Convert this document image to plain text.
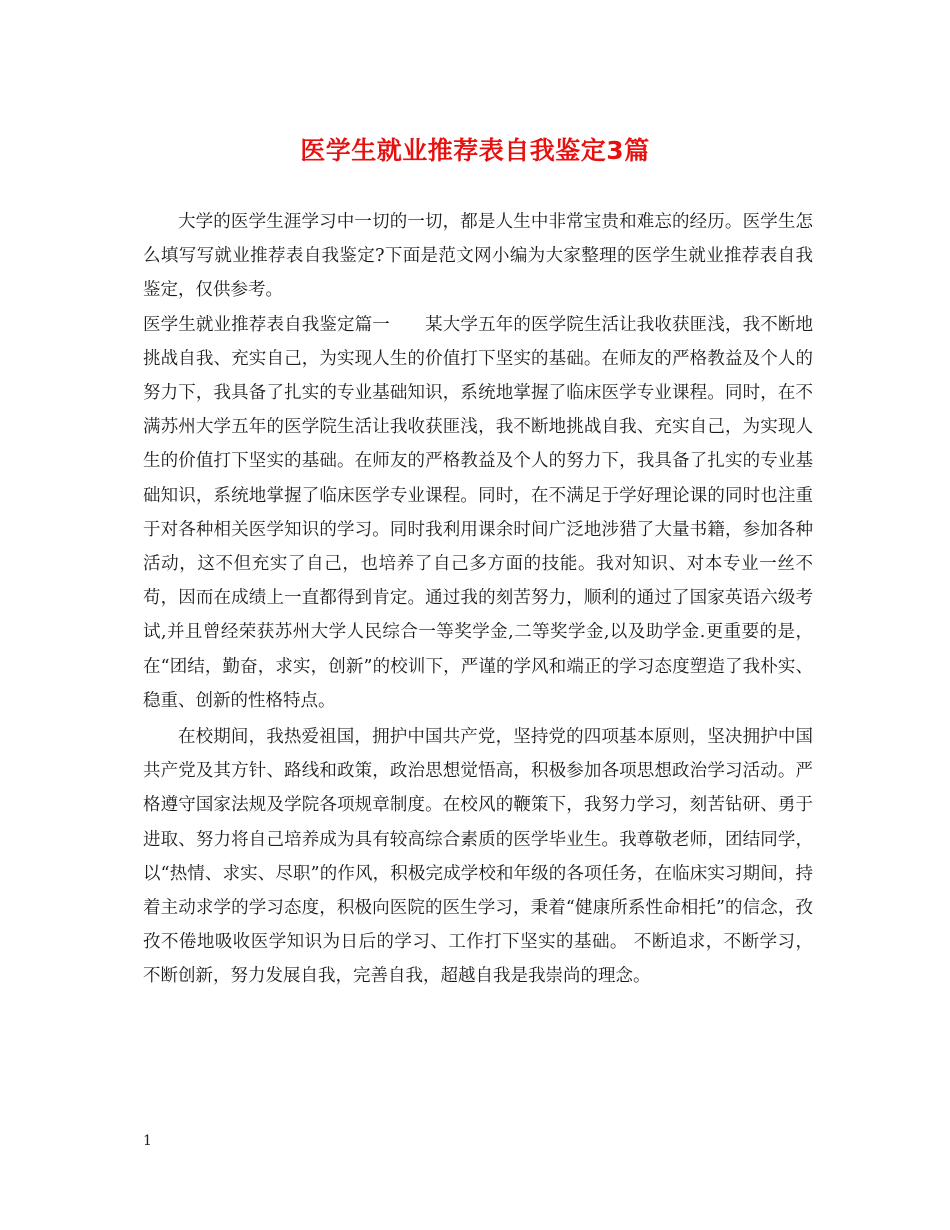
医学生就业推荐表自我鉴定3篇

大学的医学生涯学习中一切的一切，都是人生中非常宝贵和难忘的经历。医学生怎么填写写就业推荐表自我鉴定?下面是范文网小编为大家整理的医学生就业推荐表自我鉴定，仅供参考。

医学生就业推荐表自我鉴定篇一　　某大学五年的医学院生活让我收获匪浅，我不断地挑战自我、充实自己，为实现人生的价值打下坚实的基础。在师友的严格教益及个人的努力下，我具备了扎实的专业基础知识，系统地掌握了临床医学专业课程。同时，在不满苏州大学五年的医学院生活让我收获匪浅，我不断地挑战自我、充实自己，为实现人生的价值打下坚实的基础。在师友的严格教益及个人的努力下，我具备了扎实的专业基础知识，系统地掌握了临床医学专业课程。同时，在不满足于学好理论课的同时也注重于对各种相关医学知识的学习。同时我利用课余时间广泛地涉猎了大量书籍，参加各种活动，这不但充实了自己，也培养了自己多方面的技能。我对知识、对本专业一丝不苟，因而在成绩上一直都得到肯定。通过我的刻苦努力，顺利的通过了国家英语六级考试,并且曾经荣获苏州大学人民综合一等奖学金,二等奖学金,以及助学金.更重要的是，在“团结，勤奋，求实，创新”的校训下，严谨的学风和端正的学习态度塑造了我朴实、稳重、创新的性格特点。

在校期间，我热爱祖国，拥护中国共产党，坚持党的四项基本原则，坚决拥护中国共产党及其方针、路线和政策，政治思想觉悟高，积极参加各项思想政治学习活动。严格遵守国家法规及学院各项规章制度。在校风的鞭策下，我努力学习，刻苦钻研、勇于进取、努力将自己培养成为具有较高综合素质的医学毕业生。我尊敬老师，团结同学，以“热情、求实、尽职”的作风，积极完成学校和年级的各项任务，在临床实习期间，持着主动求学的学习态度，积极向医院的医生学习，秉着“健康所系性命相托”的信念，孜孜不倦地吸收医学知识为日后的学习、工作打下坚实的基础。 不断追求，不断学习，不断创新，努力发展自我，完善自我，超越自我是我崇尚的理念。

1
